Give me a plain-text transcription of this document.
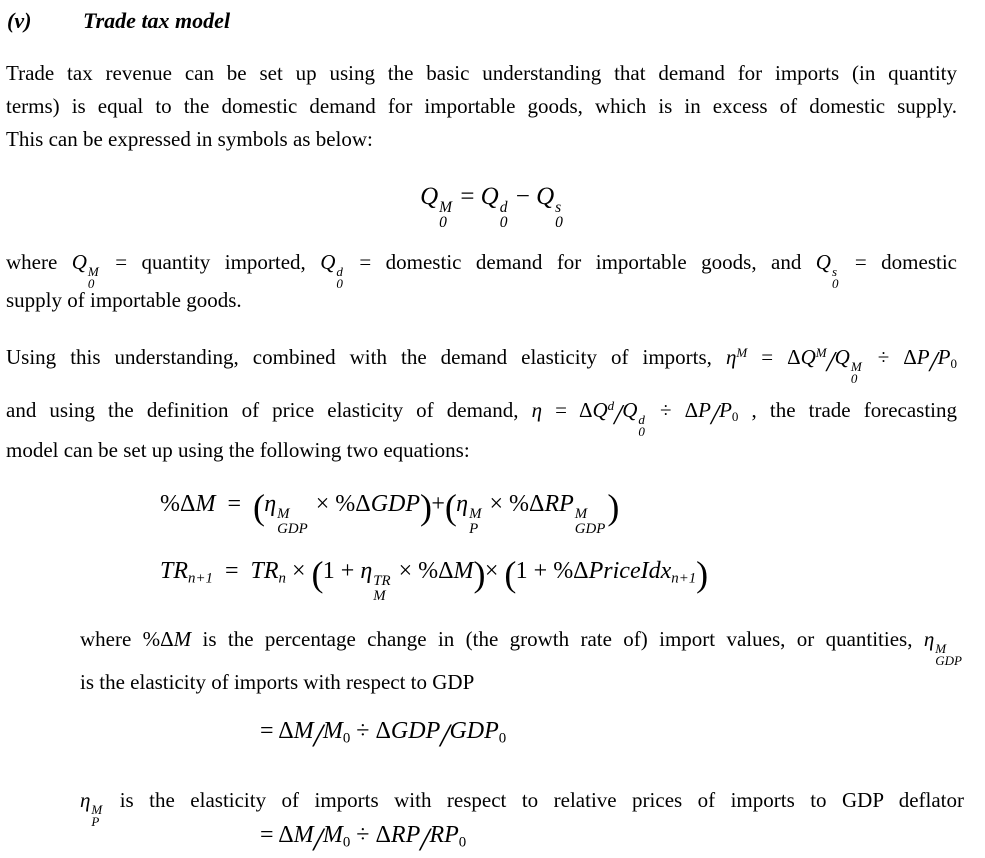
(v) Trade tax model
Trade tax revenue can be set up using the basic understanding that demand for imports (in quantity
terms) is equal to the domestic demand for importable goods, which is in excess of domestic supply.
This can be expressed in symbols as below:
Q M
0
= Q d
0
− Q s
0
where Q M
0
= quantity imported, Q d
0
= domestic demand for importable goods, and Q s
0
= domestic
supply of importable goods.
Using this understanding, combined with the demand elasticity of imports, $\eta^M = \Delta Q^M/Q$ M
0
÷ ΔP/P0
and using the definition of price elasticity of demand, $\eta = \Delta Q^d/Q$ d
0
÷ ΔP/P0 , the trade forecasting
model can be set up using the following two equations:
%ΔM  =  (η M
GDP
× %ΔGDP)+(η M
P
× %ΔRP M
GDP
)
TRn+1  =  TRn × (1 + η TR
M
× %ΔM)× (1 + %ΔPriceIdxn+1)
where %ΔM is the percentage change in (the growth rate of) import values, or quantities, η M
GDP
is the elasticity of imports with respect to GDP
= ΔM/M0 ÷ ΔGDP/GDP0
η M
P
is the elasticity of imports with respect to relative prices of imports to GDP deflator
= ΔM/M0 ÷ ΔRP/RP0
